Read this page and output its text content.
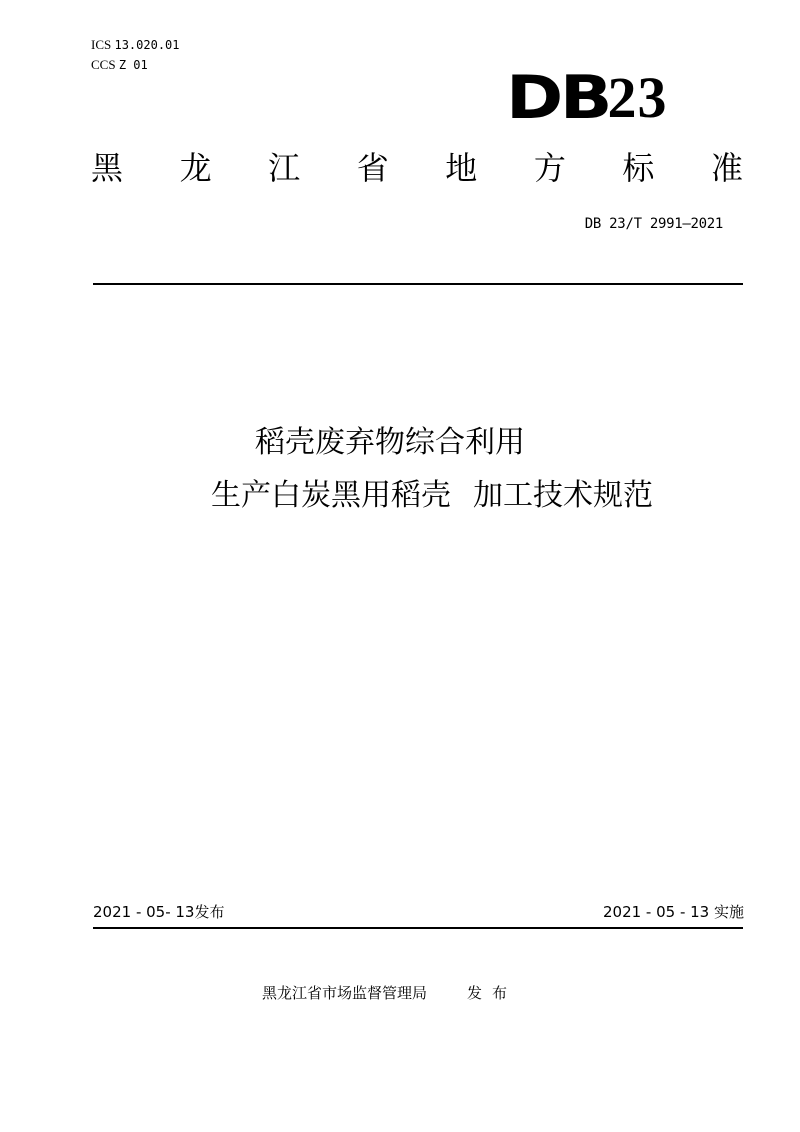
ICS 13.020.01
CCS Z 01	DB
23
黑 龙 江 省 地 方 标 准
DB 23/T 2991—2021
稻壳废弃物综合利用
生产白炭黑用稻壳 加工技术规范
2021 - 05- 13发布	2021 - 05 - 13 实施
黑龙江省市场监督管理局	发布
